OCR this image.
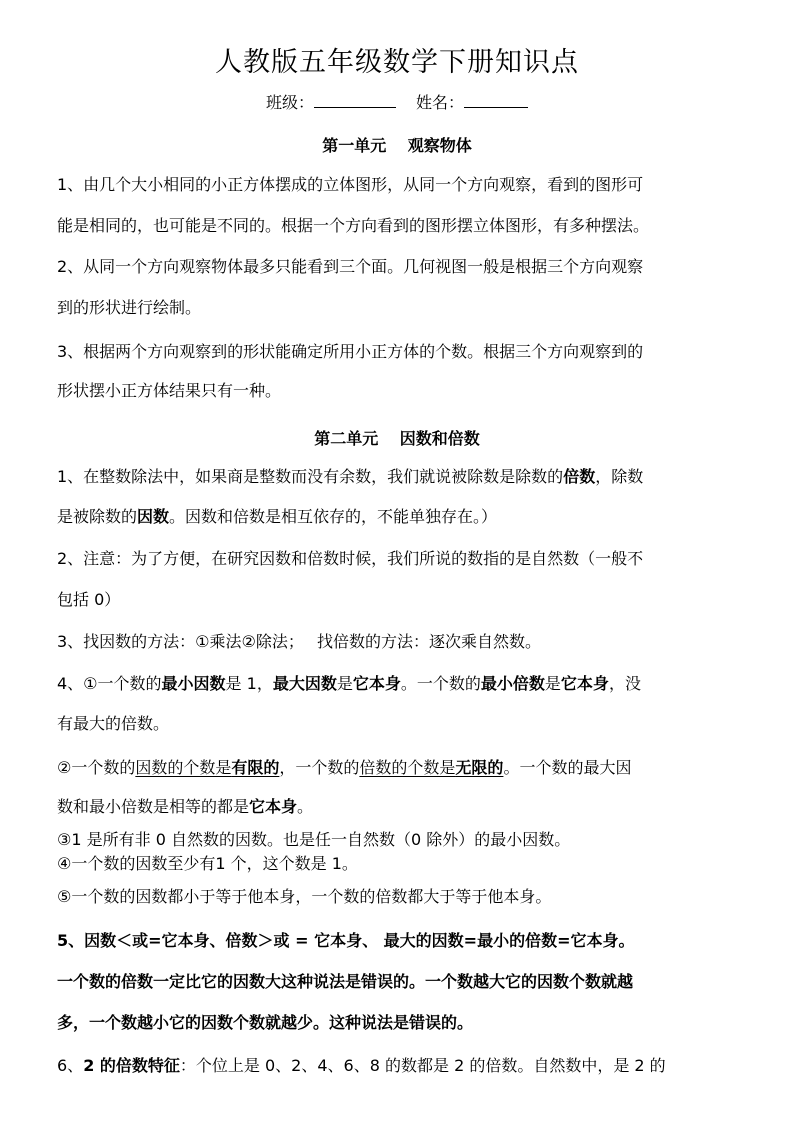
人教版五年级数学下册知识点
班级：	姓名：
第一单元　 观察物体
1、由几个大小相同的小正方体摆成的立体图形，从同一个方向观察，看到的图形可
能是相同的，也可能是不同的。根据一个方向看到的图形摆立体图形，有多种摆法。
2、从同一个方向观察物体最多只能看到三个面。几何视图一般是根据三个方向观察
到的形状进行绘制。
3、根据两个方向观察到的形状能确定所用小正方体的个数。根据三个方向观察到的
形状摆小正方体结果只有一种。
第二单元　 因数和倍数
1、在整数除法中，如果商是整数而没有余数，我们就说被除数是除数的倍数，除数
是被除数的因数。因数和倍数是相互依存的，不能单独存在。）
2、注意：为了方便，在研究因数和倍数时候，我们所说的数指的是自然数（一般不
包括 0）
3、找因数的方法：①乘法②除法；　 找倍数的方法：逐次乘自然数。
4、①一个数的最小因数是 1，最大因数是它本身。一个数的最小倍数是它本身，没
有最大的倍数。
②一个数的因数的个数是有限的，一个数的倍数的个数是无限的。一个数的最大因
数和最小倍数是相等的都是它本身。
③1 是所有非 0 自然数的因数。也是任一自然数（0 除外）的最小因数。
④一个数的因数至少有1 个，这个数是 1。
⑤一个数的因数都小于等于他本身，一个数的倍数都大于等于他本身。
5、因数＜或=它本身、倍数＞或 = 它本身、 最大的因数=最小的倍数=它本身。
一个数的倍数一定比它的因数大这种说法是错误的。一个数越大它的因数个数就越
多，一个数越小它的因数个数就越少。这种说法是错误的。
6、2 的倍数特征：个位上是 0、2、4、6、8 的数都是 2 的倍数。自然数中，是 2 的
